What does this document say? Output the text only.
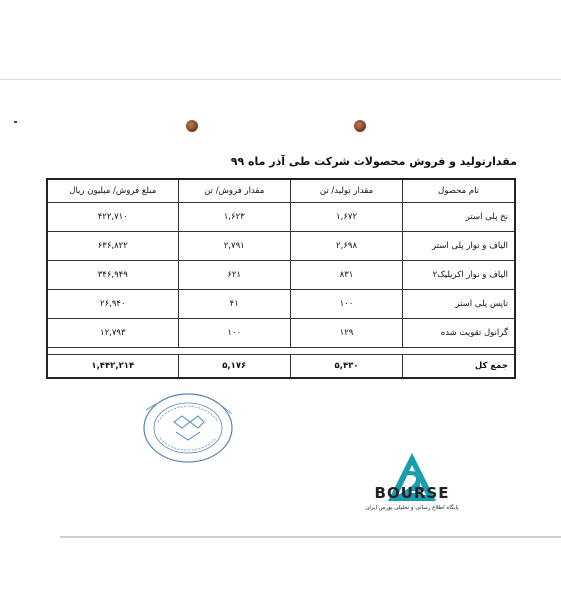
مقدارتولید و فروش محصولات شرکت طی آذر ماه ۹۹
نام محصول	مقدار تولید/ تن	مقدار فروش/ تن	مبلغ فروش/ میلیون ریال
نخ پلی استر	۱,۶۷۲	۱,۶۲۳	۴۲۲,۷۱۰
الیاف و نوار پلی استر	۲,۶۹۸	۲,۷۹۱	۶۳۶,۸۲۲
الیاف و نوار اکریلیک۲	۸۳۱	۶۲۱	۳۴۶,۹۴۹
تاپس پلی استر	۱۰۰	۴۱	۲۶,۹۴۰
گرانول تقویت شده	۱۲۹	۱۰۰	۱۲,۷۹۳

جمع کل	۵,۴۳۰	۵,۱۷۶	۱,۴۴۲,۲۱۴
BOURSE
پایگاه اطلاع رسانی و تحلیلی بورس ایران
